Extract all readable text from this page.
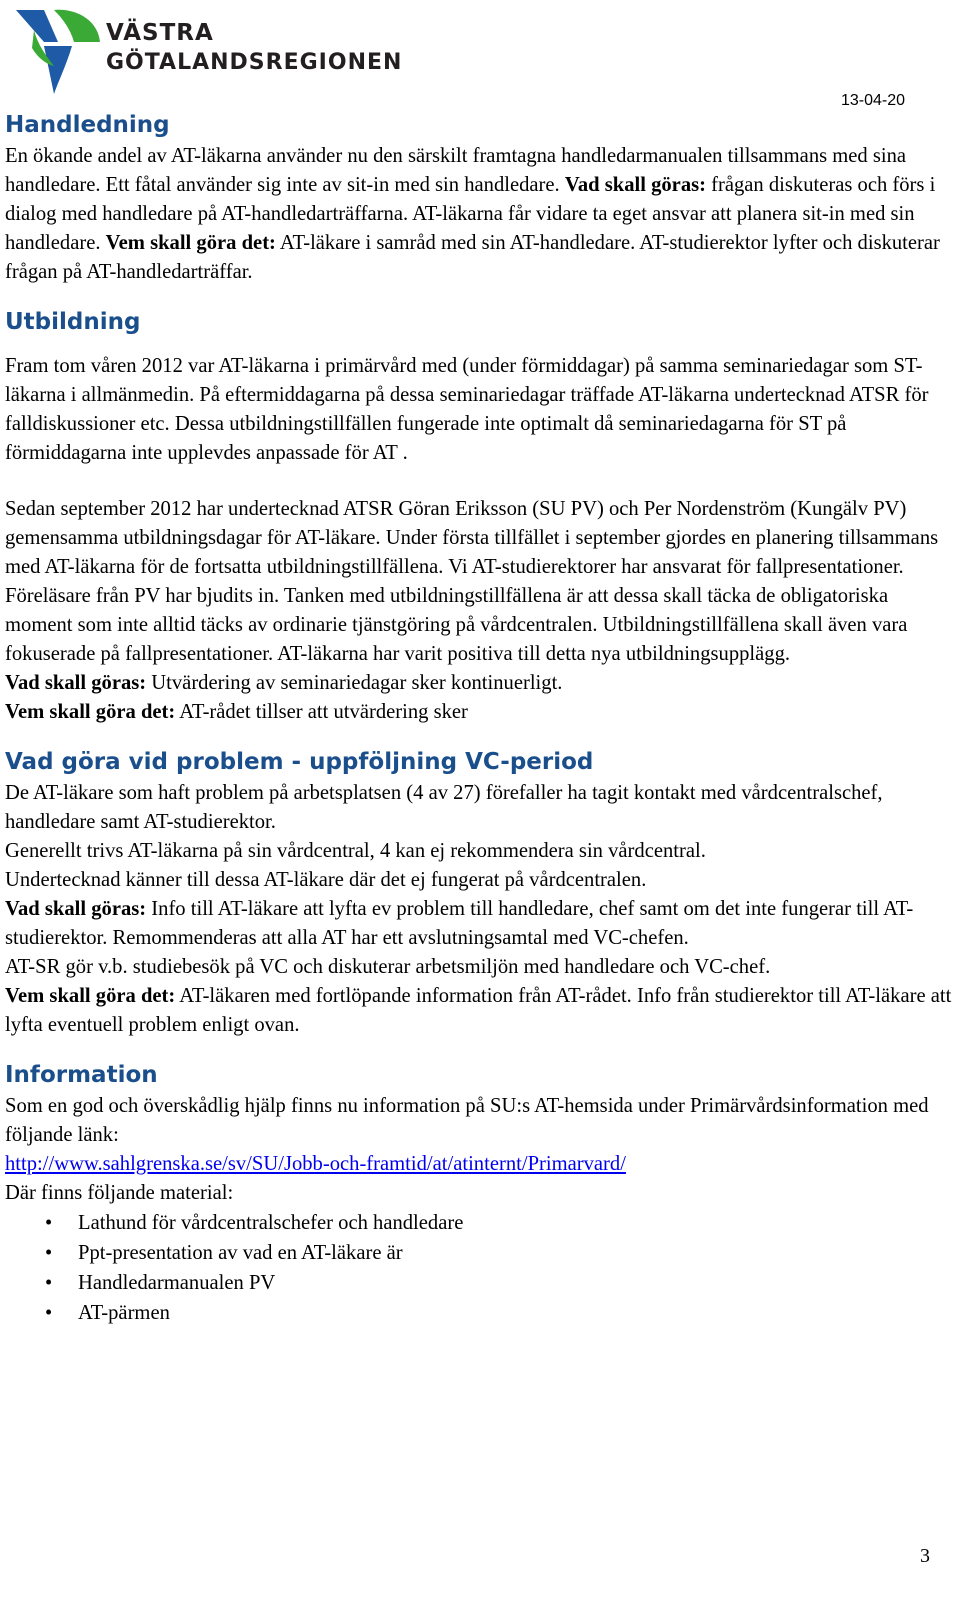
VÄSTRA
GÖTALANDSREGIONEN
13-04-20
Handledning

En ökande andel av AT-läkarna använder nu den särskilt framtagna handledarmanualen tillsammans med sina handledare. Ett fåtal använder sig inte av sit-in med sin handledare. Vad skall göras: frågan diskuteras och förs i dialog med handledare på AT-handledarträffarna. AT-läkarna får vidare ta eget ansvar att planera sit-in med sin handledare. Vem skall göra det: AT-läkare i samråd med sin AT-handledare. AT-studierektor lyfter och diskuterar frågan på AT-handledarträffar.

Utbildning

Fram tom våren 2012 var AT-läkarna i primärvård med (under förmiddagar) på samma seminariedagar som ST-läkarna i allmänmedin. På eftermiddagarna på dessa seminariedagar träffade AT-läkarna undertecknad ATSR för falldiskussioner etc. Dessa utbildningstillfällen fungerade inte optimalt då seminariedagarna för ST på förmiddagarna inte upplevdes anpassade för AT .

Sedan september 2012 har undertecknad ATSR Göran Eriksson (SU PV) och Per Nordenström (Kungälv PV) gemensamma utbildningsdagar för AT-läkare. Under första tillfället i september gjordes en planering tillsammans med AT-läkarna för de fortsatta utbildningstillfällena. Vi AT-studierektorer har ansvarat för fallpresentationer. Föreläsare från PV har bjudits in. Tanken med utbildningstillfällena är att dessa skall täcka de obligatoriska moment som inte alltid täcks av ordinarie tjänstgöring på vårdcentralen. Utbildningstillfällena skall även vara fokuserade på fallpresentationer. AT-läkarna har varit positiva till detta nya utbildningsupplägg.

Vad skall göras: Utvärdering av seminariedagar sker kontinuerligt.

Vem skall göra det: AT-rådet tillser att utvärdering sker

Vad göra vid problem - uppföljning VC-period

De AT-läkare som haft problem på arbetsplatsen (4 av 27) förefaller ha tagit kontakt med vårdcentralschef, handledare samt AT-studierektor.

Generellt trivs AT-läkarna på sin vårdcentral, 4 kan ej rekommendera sin vårdcentral.

Undertecknad känner till dessa AT-läkare där det ej fungerat på vårdcentralen.

Vad skall göras: Info till AT-läkare att lyfta ev problem till handledare, chef samt om det inte fungerar till AT-studierektor. Remommenderas att alla AT har ett avslutningsamtal med VC-chefen.

AT-SR gör v.b. studiebesök på VC och diskuterar arbetsmiljön med handledare och VC-chef.

Vem skall göra det: AT-läkaren med fortlöpande information från AT-rådet. Info från studierektor till AT-läkare att lyfta eventuell problem enligt ovan.

Information

Som en god och överskådlig hjälp finns nu information på SU:s AT-hemsida under Primärvårdsinformation med följande länk:

http://www.sahlgrenska.se/sv/SU/Jobb-och-framtid/at/atinternt/Primarvard/

Där finns följande material:

• Lathund för vårdcentralschefer och handledare
• Ppt-presentation av vad en AT-läkare är
• Handledarmanualen PV
• AT-pärmen
3
